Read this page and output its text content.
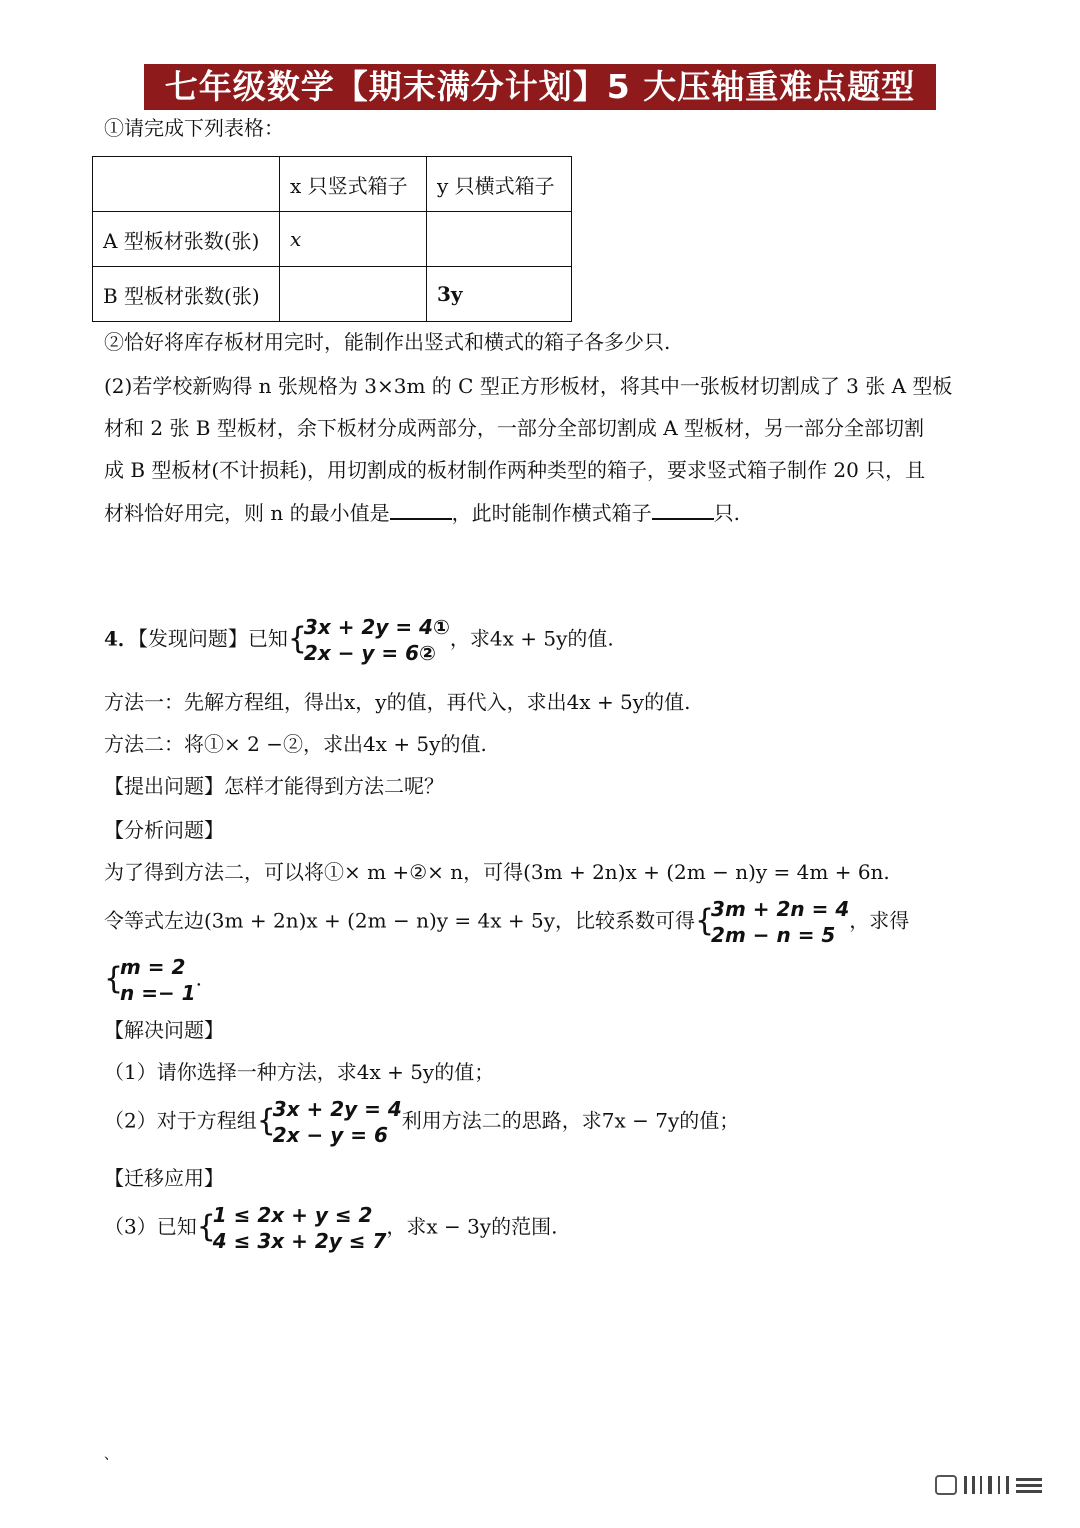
七年级数学【期末满分计划】5 大压轴重难点题型
①请完成下列表格：
	x 只竖式箱子	y 只横式箱子
A 型板材张数(张)	x	
B 型板材张数(张)		3y
②恰好将库存板材用完时，能制作出竖式和横式的箱子各多少只.
(2)若学校新购得 n 张规格为 3×3m 的 C 型正方形板材，将其中一张板材切割成了 3 张 A 型板
材和 2 张 B 型板材，余下板材分成两部分，一部分全部切割成 A 型板材，另一部分全部切割
成 B 型板材(不计损耗)，用切割成的板材制作两种类型的箱子，要求竖式箱子制作 20 只，且
材料恰好用完，则 n 的最小值是	，此时能制作横式箱子	只.
4．【发现问题】已知 {
3x + 2y = 4①
2x − y = 6②
，求4x + 5y的值.
方法一：先解方程组，得出x，y的值，再代入，求出4x + 5y的值.
方法二：将①× 2 −②，求出4x + 5y的值.
【提出问题】怎样才能得到方法二呢？
【分析问题】
为了得到方法二，可以将①× m +②× n，可得(3m + 2n)x + (2m − n)y = 4m + 6n.
令等式左边(3m + 2n)x + (2m − n)y = 4x + 5y，比较系数可得 {
3m + 2n = 4
2m − n = 5
，求得
{
m = 2
n =− 1
.
【解决问题】
（1）请你选择一种方法，求4x + 5y的值；
（2）对于方程组 {
3x + 2y = 4
2x − y = 6
利用方法二的思路，求7x − 7y的值；
【迁移应用】
（3）已知 {
1 ≤ 2x + y ≤ 2
4 ≤ 3x + 2y ≤ 7
，求x − 3y的范围.
、
